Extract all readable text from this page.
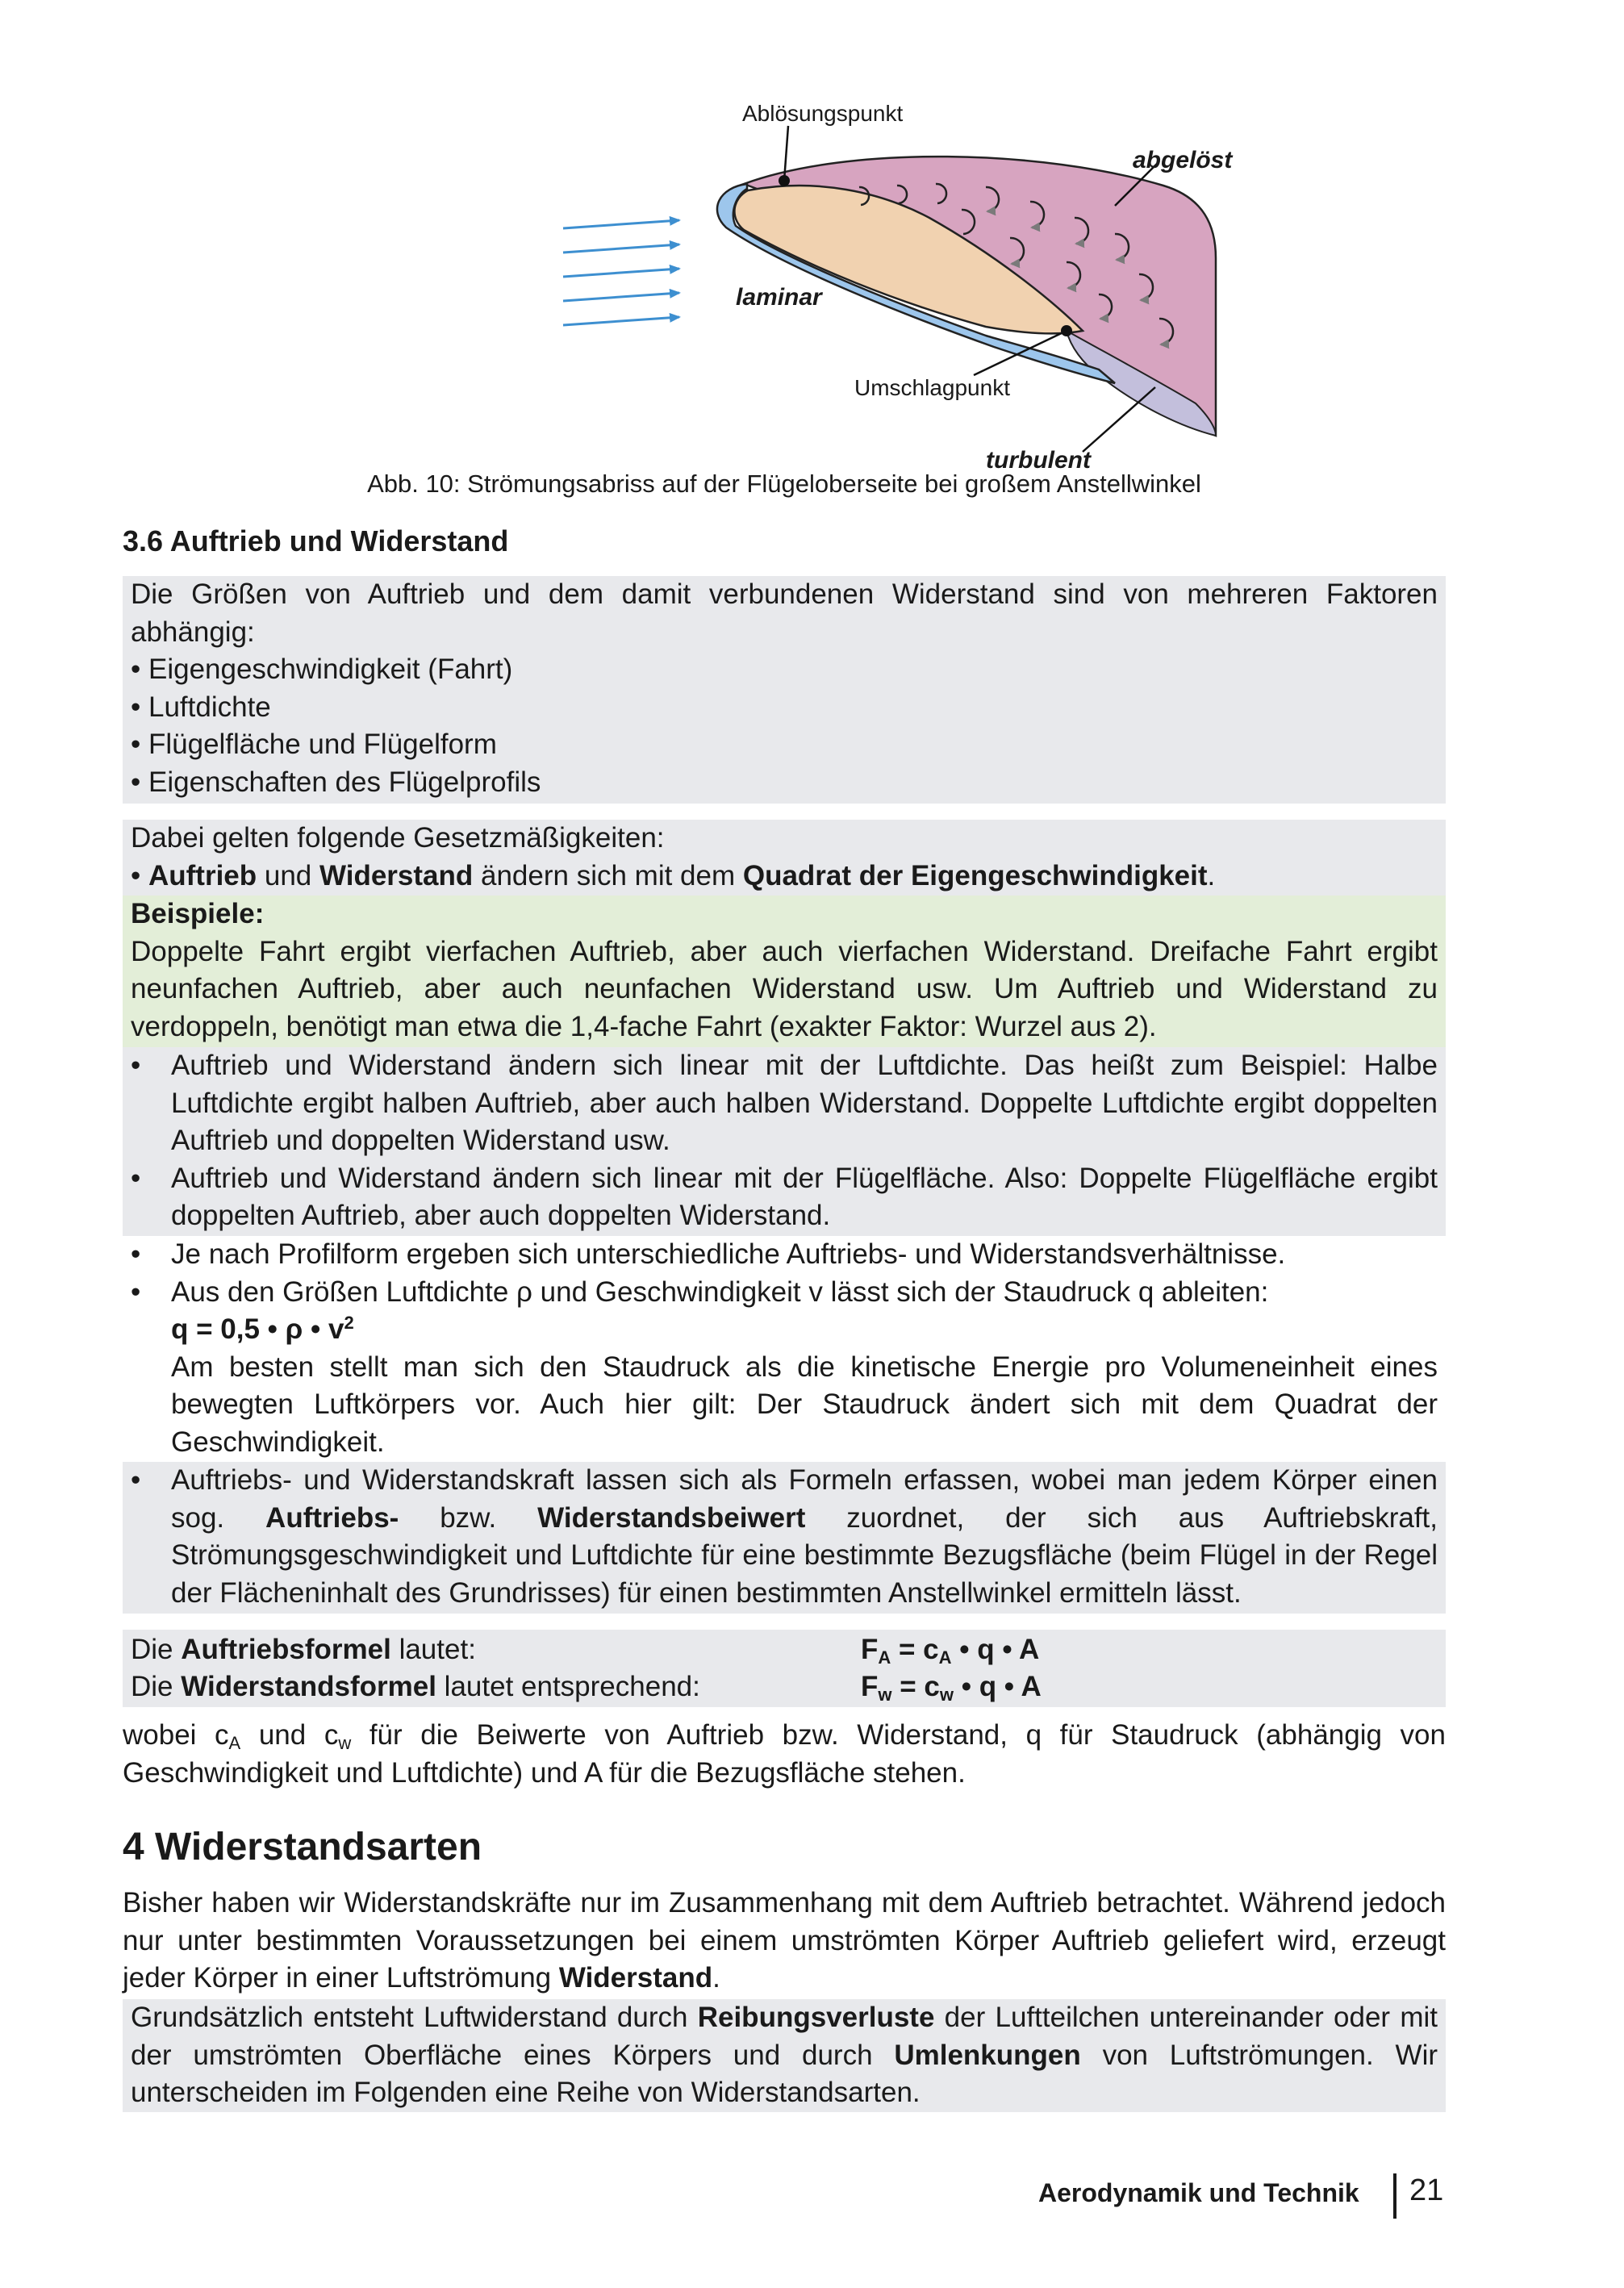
Ablösungspunkt
abgelöst
laminar
Umschlagpunkt
turbulent
Abb. 10: Strömungsabriss auf der Flügeloberseite bei großem Anstellwinkel
3.6 Auftrieb und Widerstand
Die Größen von Auftrieb und dem damit verbundenen Widerstand sind von mehreren Faktoren
abhängig:
• Eigengeschwindigkeit (Fahrt)
• Luftdichte
• Flügelfläche und Flügelform
• Eigenschaften des Flügelprofils
Dabei gelten folgende Gesetzmäßigkeiten:
• Auftrieb und Widerstand ändern sich mit dem Quadrat der Eigengeschwindigkeit.
Beispiele:
Doppelte Fahrt ergibt vierfachen Auftrieb, aber auch vierfachen Widerstand. Dreifache Fahrt ergibt neunfachen Auftrieb, aber auch neunfachen Widerstand usw. Um Auftrieb und Widerstand zu verdoppeln, benötigt man etwa die 1,4-fache Fahrt (exakter Faktor: Wurzel aus 2).
• Auftrieb und Widerstand ändern sich linear mit der Luftdichte. Das heißt zum Beispiel: Halbe Luftdichte ergibt halben Auftrieb, aber auch halben Widerstand. Doppelte Luftdichte ergibt doppelten Auftrieb und doppelten Widerstand usw.
• Auftrieb und Widerstand ändern sich linear mit der Flügelfläche. Also: Doppelte Flügelfläche ergibt doppelten Auftrieb, aber auch doppelten Widerstand.
• Je nach Profilform ergeben sich unterschiedliche Auftriebs- und Widerstandsverhältnisse.
• Aus den Größen Luftdichte ρ und Geschwindigkeit v lässt sich der Staudruck q ableiten:
q = 0,5 • ρ • $v^2$
Am besten stellt man sich den Staudruck als die kinetische Energie pro Volumeneinheit eines bewegten Luftkörpers vor. Auch hier gilt: Der Staudruck ändert sich mit dem Quadrat der Geschwindigkeit.
• Auftriebs- und Widerstandskraft lassen sich als Formeln erfassen, wobei man jedem Körper einen sog. Auftriebs- bzw. Widerstandsbeiwert zuordnet, der sich aus Auftriebskraft, Strömungsgeschwindigkeit und Luftdichte für eine bestimmte Bezugsfläche (beim Flügel in der Regel der Flächeninhalt des Grundrisses) für einen bestimmten Anstellwinkel ermitteln lässt.
Die Auftriebsformel lautet:	$F_A = c_A$ • q • A
Die Widerstandsformel lautet entsprechend:	$F_w = c_w$ • q • A
wobei $c_A$ und $c_w$ für die Beiwerte von Auftrieb bzw. Widerstand, q für Staudruck (abhängig von Geschwindigkeit und Luftdichte) und A für die Bezugsfläche stehen.
4 Widerstandsarten
Bisher haben wir Widerstandskräfte nur im Zusammenhang mit dem Auftrieb betrachtet. Während jedoch nur unter bestimmten Voraussetzungen bei einem umströmten Körper Auftrieb geliefert wird, erzeugt jeder Körper in einer Luftströmung Widerstand.
Grundsätzlich entsteht Luftwiderstand durch Reibungsverluste der Luftteilchen untereinander oder mit der umströmten Oberfläche eines Körpers und durch Umlenkungen von Luftströmungen. Wir unterscheiden im Folgenden eine Reihe von Widerstandsarten.
Aerodynamik und Technik 21
